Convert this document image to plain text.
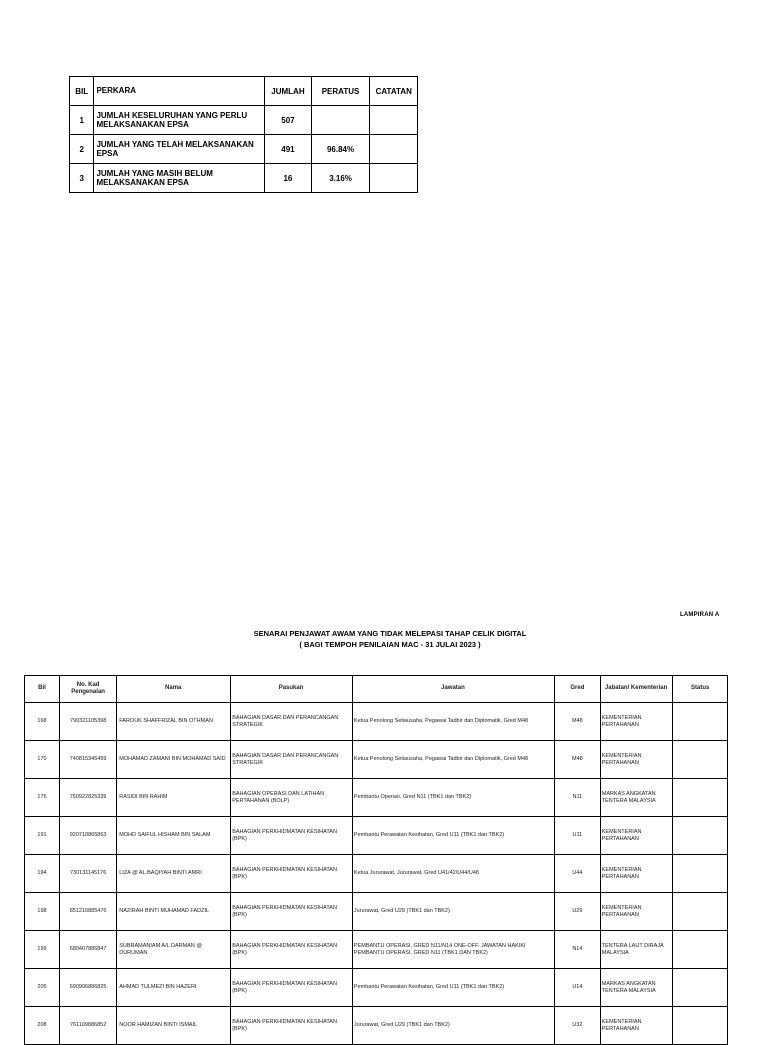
BIL	PERKARA	JUMLAH	PERATUS	CATATAN
1	JUMLAH KESELURUHAN YANG PERLU MELAKSANAKAN EPSA	507		
2	JUMLAH YANG TELAH MELAKSANAKAN EPSA	491	96.84%	
3	JUMLAH YANG MASIH BELUM MELAKSANAKAN EPSA	16	3.16%	
LAMPIRAN A
SENARAI PENJAWAT AWAM YANG TIDAK MELEPASI TAHAP CELIK DIGITAL
( BAGI TEMPOH PENILAIAN MAC - 31 JULAI 2023 )
Bil	No. Kad Pengenalan	Nama	Pasukan	Jawatan	Gred	Jabatan/ Kementerian	Status
168	790321105398	FAROUK SHAFFRIZAL BIN OTHMAN	BAHAGIAN DASAR DAN PERANCANGAN STRATEGIK	Ketua Penolong Setiausaha, Pegawai Tadbir dan Diplomatik, Gred M48	M48	KEMENTERIAN PERTAHANAN	
170	740815345459	MOHAMAD ZAMANI BIN MOHAMAD SAID	BAHAGIAN DASAR DAN PERANCANGAN STRATEGIK	Ketua Penolong Setiausaha, Pegawai Tadbir dan Diplomatik, Gred M48	M48	KEMENTERIAN PERTAHANAN	
176	750922825339	RASIDI BIN RAHIM	BAHAGIAN OPERASI DAN LATIHAN PERTAHANAN (BOLP)	Pembantu Operasi, Gred N11 (TBK1 dan TBK2)	N11	MARKAS ANGKATAN TENTERA MALAYSIA	
191	920710865863	MOHD SAIFUL HISHAM BIN SALAM	BAHAGIAN PERKHIDMATAN KESIHATAN (BPK)	Pembantu Perawatan Kesihatan, Gred U11 (TBK1 dan TBK2)	U11	KEMENTERIAN PERTAHANAN	
194	730131145176	LIZA @ AL.BAQIYAH BINTI AMRI	BAHAGIAN PERKHIDMATAN KESIHATAN (BPK)	Ketua Jururawat, Jururawat, Gred U41/42/U44/U48	U44	KEMENTERIAN PERTAHANAN	
198	851216885476	NAZIRAH BINTI MUHAMAD FADZIL	BAHAGIAN PERKHIDMATAN KESIHATAN (BPK)	Jururawat, Gred U29 (TBK1 dan TBK2)	U29	KEMENTERIAN PERTAHANAN	
199	680407886847	SUBRAMANIAM A/L DARMAN @ DURUMAN	BAHAGIAN PERKHIDMATAN KESIHATAN (BPK)	PEMBANTU OPERASI, GRED N11/N14 ONE-OFF. JAWATAN HAKIKI PEMBANTU OPERASI, GRED N11 (TBK1 DAN TBK2)	N14	TENTERA LAUT DIRAJA MALAYSIA	
205	690906886825	AHMAD TULMEZI BIN HAZERI	BAHAGIAN PERKHIDMATAN KESIHATAN (BPK)	Pembantu Perawatan Kesihatan, Gred U11 (TBK1 dan TBK2)	U14	MARKAS ANGKATAN TENTERA MALAYSIA	
208	761109886852	NOOR HAMIZAN BINTI ISMAIL	BAHAGIAN PERKHIDMATAN KESIHATAN (BPK)	Jururawat, Gred U29 (TBK1 dan TBK2)	U32	KEMENTERIAN PERTAHANAN	
